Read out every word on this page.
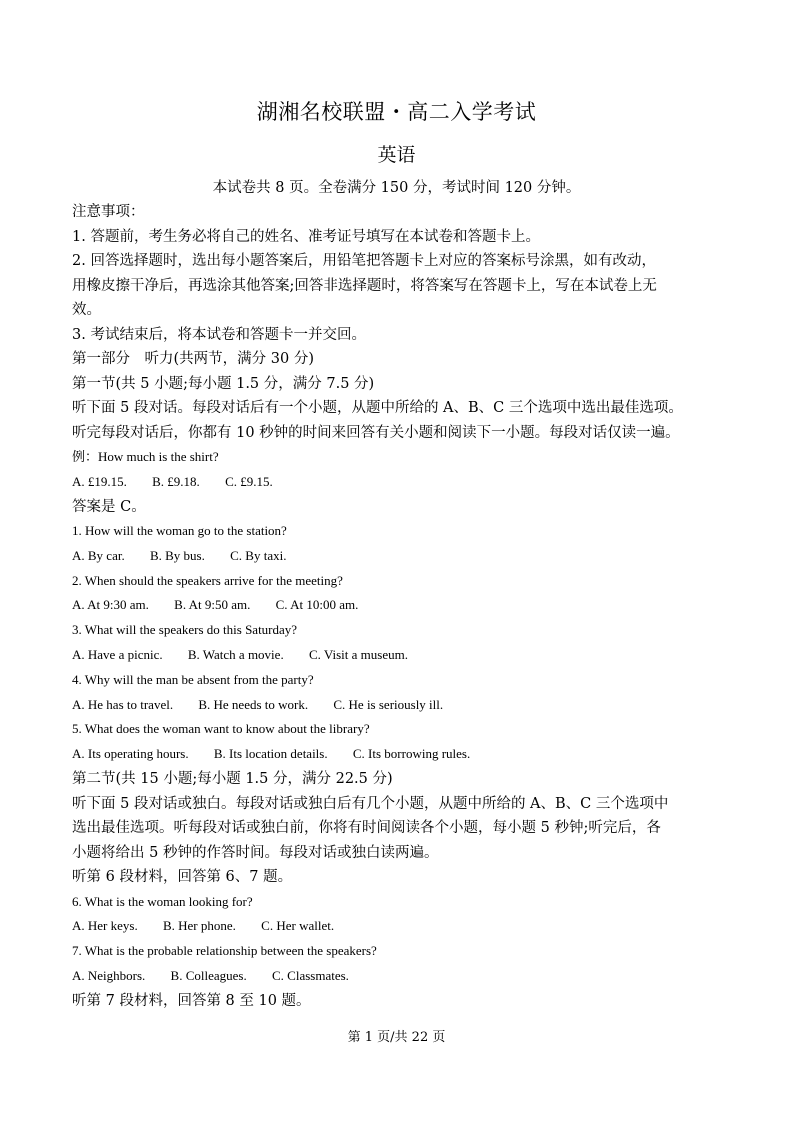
湖湘名校联盟・高二入学考试
英语
本试卷共 8 页。全卷满分 150 分，考试时间 120 分钟。
注意事项：
1. 答题前，考生务必将自己的姓名、准考证号填写在本试卷和答题卡上。
2. 回答选择题时，选出每小题答案后，用铅笔把答题卡上对应的答案标号涂黑，如有改动，
用橡皮擦干净后，再选涂其他答案;回答非选择题时，将答案写在答题卡上，写在本试卷上无
效。
3. 考试结束后，将本试卷和答题卡一并交回。
第一部分　听力(共两节，满分 30 分)
第一节(共 5 小题;每小题 1.5 分，满分 7.5 分)
听下面 5 段对话。每段对话后有一个小题，从题中所给的 A、B、C 三个选项中选出最佳选项。
听完每段对话后，你都有 10 秒钟的时间来回答有关小题和阅读下一小题。每段对话仅读一遍。
例：How much is the shirt?
A. £19.15. B. £9.18. C. £9.15.
答案是 C。
1. How will the woman go to the station?
A. By car. B. By bus. C. By taxi.
2. When should the speakers arrive for the meeting?
A. At 9:30 am. B. At 9:50 am. C. At 10:00 am.
3. What will the speakers do this Saturday?
A. Have a picnic. B. Watch a movie. C. Visit a museum.
4. Why will the man be absent from the party?
A. He has to travel. B. He needs to work. C. He is seriously ill.
5. What does the woman want to know about the library?
A. Its operating hours. B. Its location details. C. Its borrowing rules.
第二节(共 15 小题;每小题 1.5 分，满分 22.5 分)
听下面 5 段对话或独白。每段对话或独白后有几个小题，从题中所给的 A、B、C 三个选项中
选出最佳选项。听每段对话或独白前，你将有时间阅读各个小题，每小题 5 秒钟;听完后，各
小题将给出 5 秒钟的作答时间。每段对话或独白读两遍。
听第 6 段材料，回答第 6、7 题。
6. What is the woman looking for?
A. Her keys. B. Her phone. C. Her wallet.
7. What is the probable relationship between the speakers?
A. Neighbors. B. Colleagues. C. Classmates.
听第 7 段材料，回答第 8 至 10 题。
第 1 页/共 22 页
